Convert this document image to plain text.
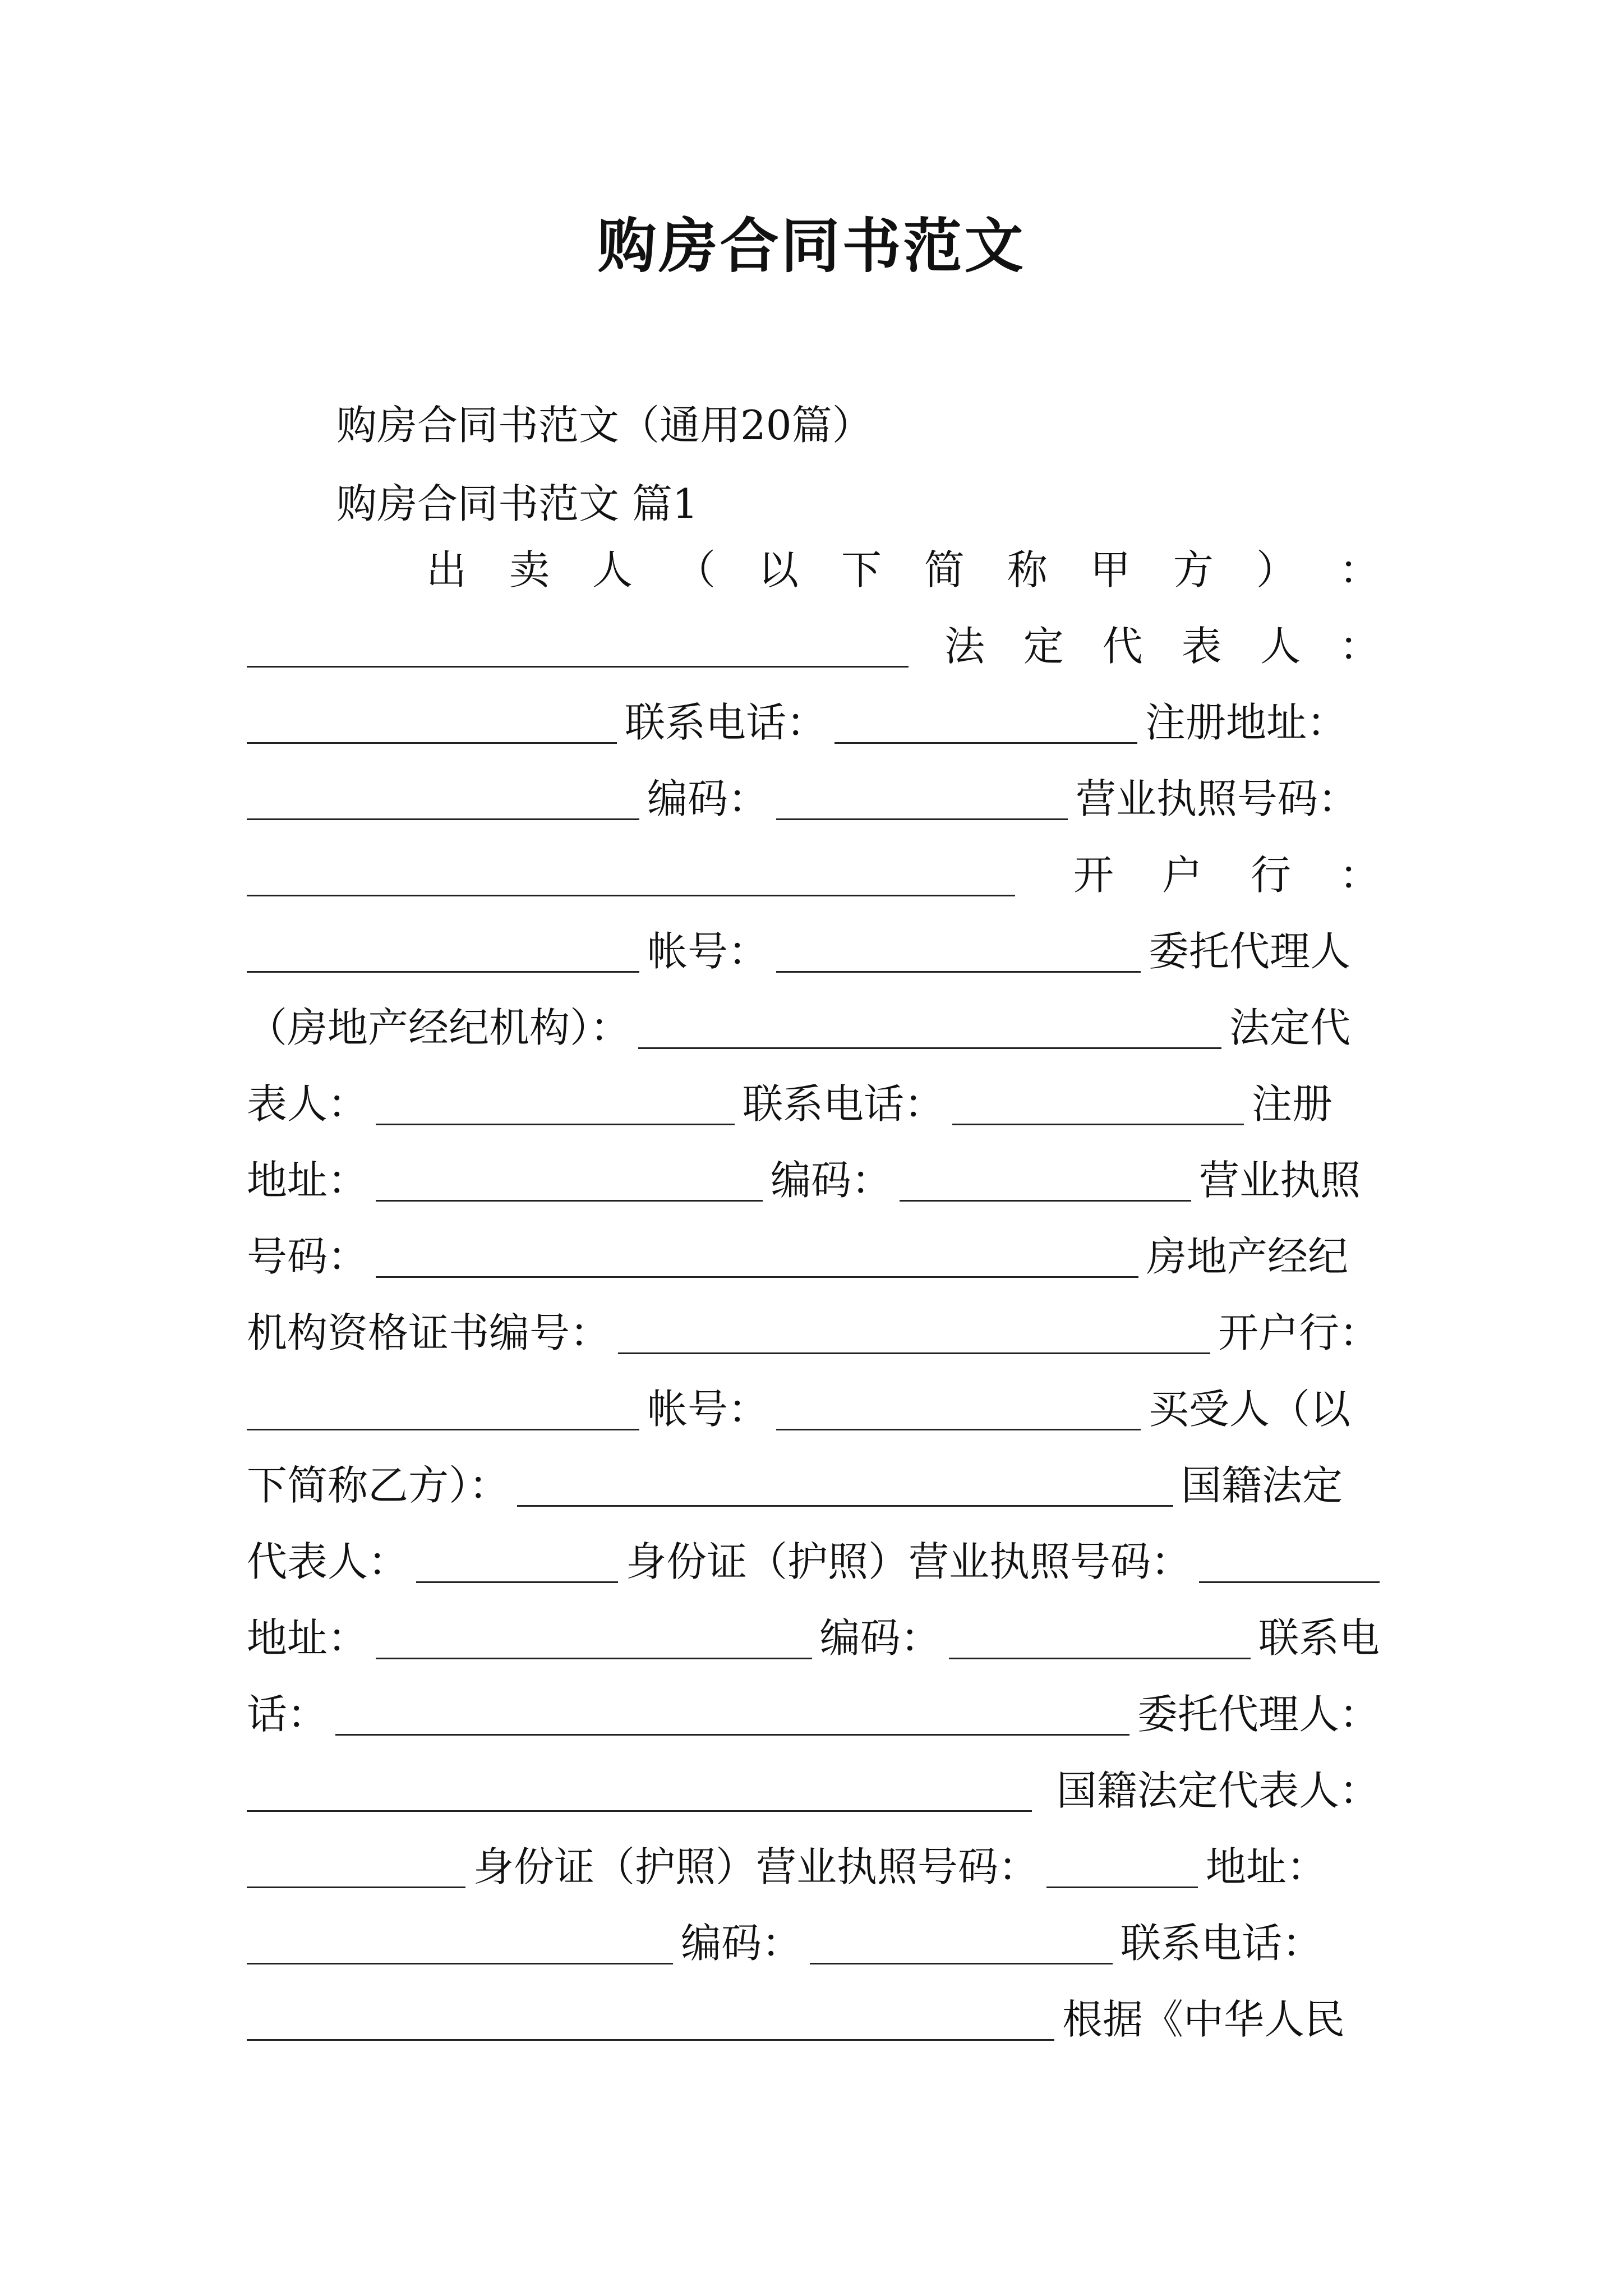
购房合同书范文
购房合同书范文（通用20篇）
购房合同书范文 篇1
出 卖 人 （ 以 下 简 称 甲 方 ） ：
法 定 代 表 人 ：
联系电话：	注册地址：
编码：	营业执照号码：
开 户 行 ：
帐号：	委托代理人
（房地产经纪机构）：	法定代
表人：	联系电话：	注册
地址：	编码：	营业执照
号码：	房地产经纪
机构资格证书编号：	开户行：
帐号：	买受人（以
下简称乙方）：	国籍法定
代表人：	身份证（护照）营业执照号码：
地址：	编码：	联系电
话：	委托代理人：
国 籍 法 定 代 表 人 ：
身份证（护照）营业执照号码：	地址：
编码：	联系电话：
根据《中华人民
